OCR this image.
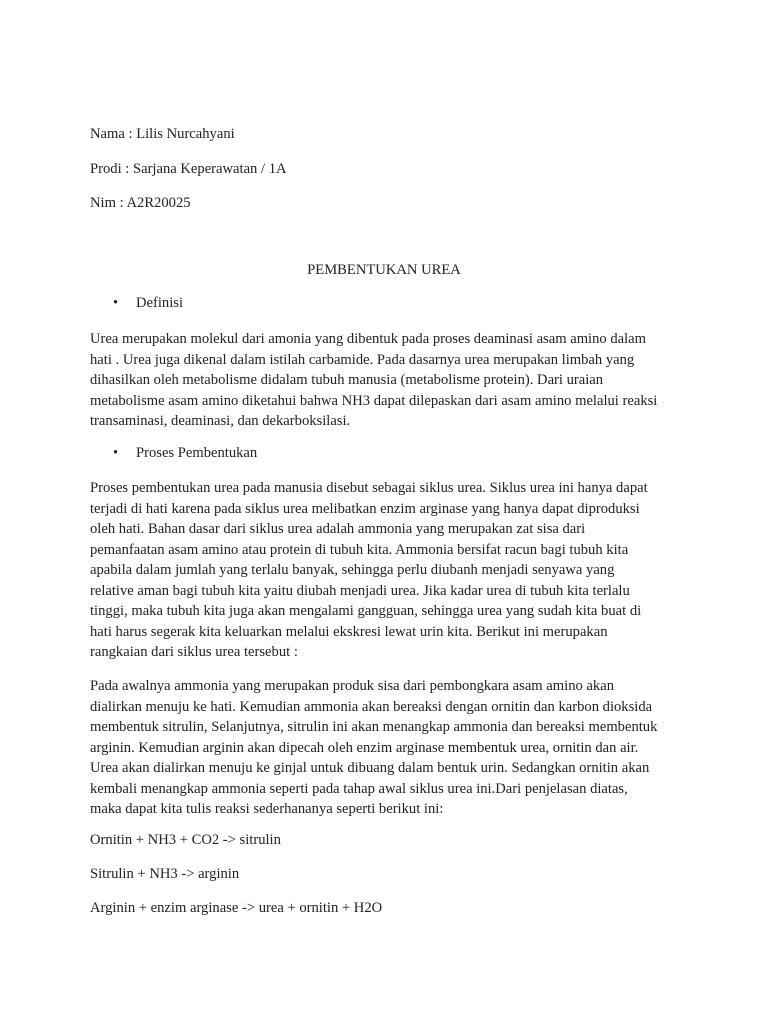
Nama : Lilis Nurcahyani
Prodi : Sarjana Keperawatan / 1A
Nim : A2R20025
PEMBENTUKAN UREA
• Definisi
Urea merupakan molekul dari amonia yang dibentuk pada proses deaminasi asam amino dalam
hati . Urea juga dikenal dalam istilah carbamide. Pada dasarnya urea merupakan limbah yang
dihasilkan oleh metabolisme didalam tubuh manusia (metabolisme protein). Dari uraian
metabolisme asam amino diketahui bahwa NH3 dapat dilepaskan dari asam amino melalui reaksi
transaminasi, deaminasi, dan dekarboksilasi.
• Proses Pembentukan
Proses pembentukan urea pada manusia disebut sebagai siklus urea. Siklus urea ini hanya dapat
terjadi di hati karena pada siklus urea melibatkan enzim arginase yang hanya dapat diproduksi
oleh hati. Bahan dasar dari siklus urea adalah ammonia yang merupakan zat sisa dari
pemanfaatan asam amino atau protein di tubuh kita. Ammonia bersifat racun bagi tubuh kita
apabila dalam jumlah yang terlalu banyak, sehingga perlu diubanh menjadi senyawa yang
relative aman bagi tubuh kita yaitu diubah menjadi urea. Jika kadar urea di tubuh kita terlalu
tinggi, maka tubuh kita juga akan mengalami gangguan, sehingga urea yang sudah kita buat di
hati harus segerak kita keluarkan melalui ekskresi lewat urin kita. Berikut ini merupakan
rangkaian dari siklus urea tersebut :
Pada awalnya ammonia yang merupakan produk sisa dari pembongkara asam amino akan
dialirkan menuju ke hati. Kemudian ammonia akan bereaksi dengan ornitin dan karbon dioksida
membentuk sitrulin, Selanjutnya, sitrulin ini akan menangkap ammonia dan bereaksi membentuk
arginin. Kemudian arginin akan dipecah oleh enzim arginase membentuk urea, ornitin dan air.
Urea akan dialirkan menuju ke ginjal untuk dibuang dalam bentuk urin. Sedangkan ornitin akan
kembali menangkap ammonia seperti pada tahap awal siklus urea ini.Dari penjelasan diatas,
maka dapat kita tulis reaksi sederhananya seperti berikut ini:
Ornitin + NH3 + CO2 -> sitrulin
Sitrulin + NH3 -> arginin
Arginin + enzim arginase -> urea + ornitin + H2O
